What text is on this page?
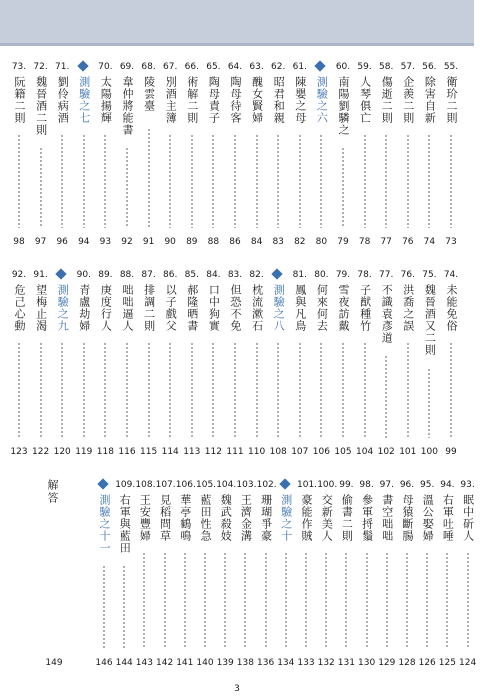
73.
阮籍二則
98
72.
魏晉酒二則
97
71.
劉伶病酒
96
測驗之七
94
70.
太陽揚輝
93
69.
韋仲將能書
92
68.
陵雲臺
91
67.
別酒主簿
90
66.
術解二則
89
65.
陶母責子
88
64.
陶母待客
86
63.
醜女賢婦
84
62.
昭君和親
83
61.
陳嬰之母
82
測驗之六
80
60.
南陽劉驎之
79
59.
人琴俱亡
78
58.
傷逝二則
77
57.
企羨二則
76
56.
除害自新
74
55.
衛玠二則
73
92.
危己心動
123
91.
望梅止渴
122
測驗之九
120
90.
青盧劫婦
119
89.
庚度行人
118
88.
咄咄逼人
116
87.
排調二則
115
86.
以子戲父
114
85.
郝隆晒書
113
84.
口中狗實
112
83.
但恐不免
111
82.
枕流漱石
110
測驗之八
108
81.
鳳與凡鳥
107
80.
何來何去
106
79.
雪夜訪戴
105
78.
子猷種竹
104
77.
不識袁彥道
102
76.
洪喬之誤
101
75.
魏晉酒又二則
100
74.
未能免俗
99
測驗之十一
146
109.
右軍與藍田
144
108.
王安豐婦
143
107.
見稻問草
142
106.
華亭鶴鳴
141
105.
藍田性急
140
104.
魏武殺妓
139
103.
王濟金溝
138
102.
珊瑚爭豪
136
測驗之十
134
101.
豪能作賊
133
100.
交新美人
132
99.
偷書二則
131
98.
參軍捋鬚
130
97.
書空咄咄
129
96.
母猿斷腸
128
95.
溫公娶婦
126
94.
右軍吐唾
125
93.
眠中斫人
124
解答
149
3
